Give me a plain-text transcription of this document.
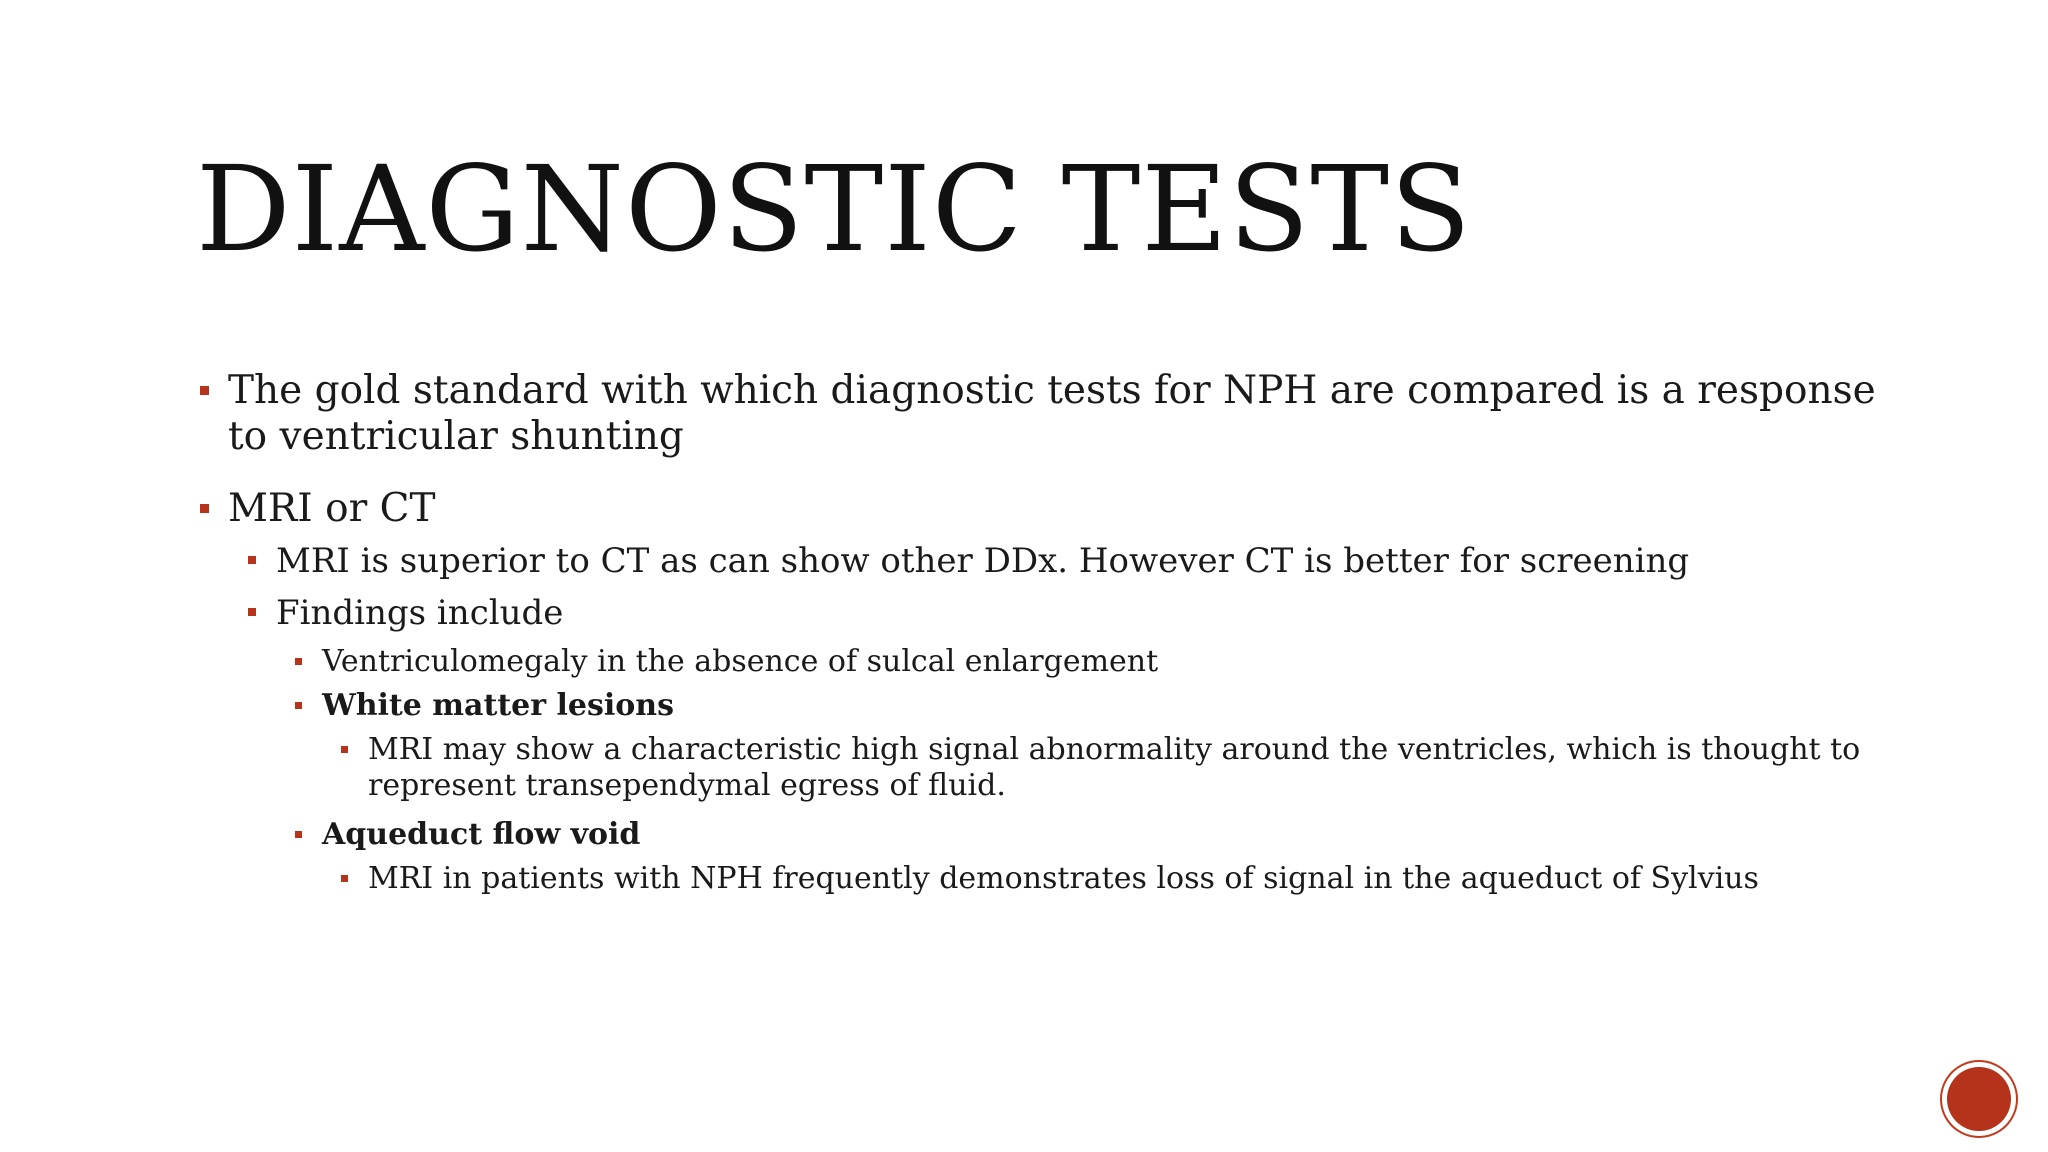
DIAGNOSTIC TESTS
The gold standard with which diagnostic tests for NPH are compared is a response to ventricular shunting
MRI or CT
MRI is superior to CT as can show other DDx. However CT is better for screening
Findings include
Ventriculomegaly in the absence of sulcal enlargement
White matter lesions
MRI may show a characteristic high signal abnormality around the ventricles, which is thought to represent transependymal egress of fluid.
Aqueduct flow void
MRI in patients with NPH frequently demonstrates loss of signal in the aqueduct of Sylvius
